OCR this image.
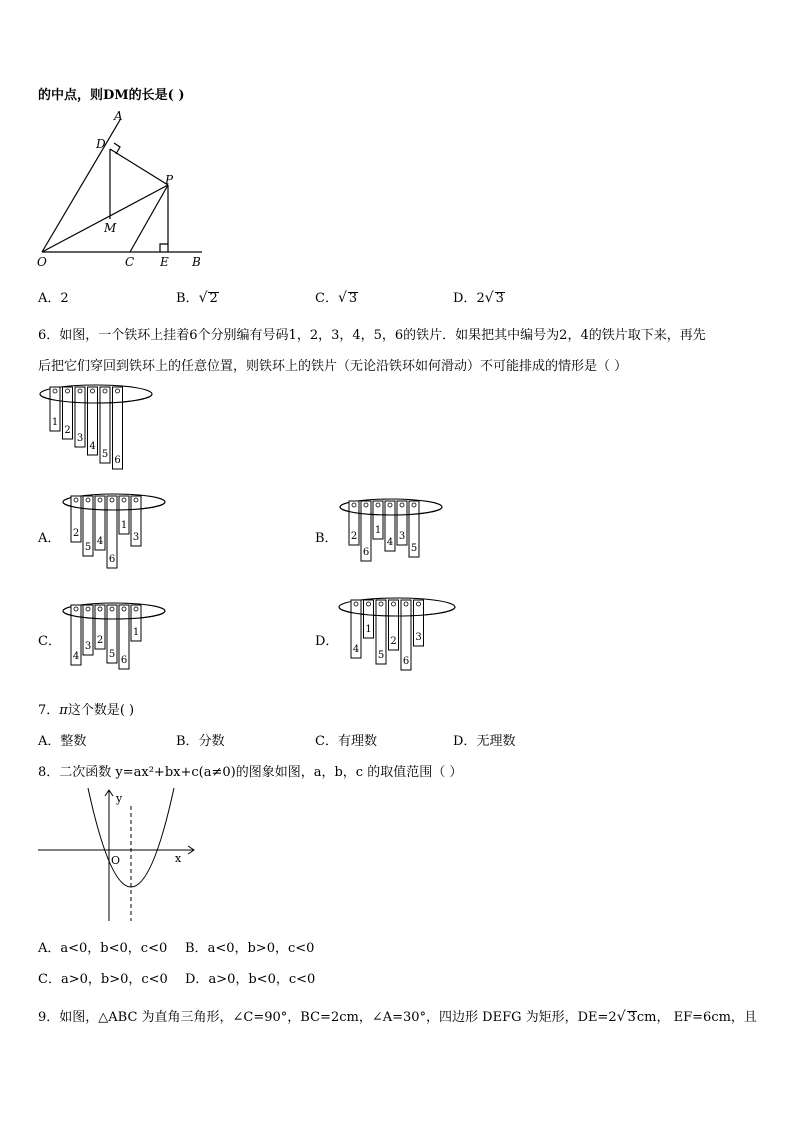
的中点，则DM的长是( )
A
D
P
M
O	C E B
A．2	B．√ 2	C．√ 3	D．2√ 3
6．如图，一个铁环上挂着6个分别编有号码1，2，3，4，5，6的铁片．如果把其中编号为2，4的铁片取下来，再先
后把它们穿回到铁环上的任意位置，则铁环上的铁片（无论沿铁环如何滑动）不可能排成的情形是（ ）
1
2
3
4
5
6
A． 2
5
4
6
1
3	B． 2
6
1
4
3
5
C．
4
3
2
5
6
1
D．
4
1
5
2
6
3
7．π这个数是( )
A．整数	B．分数	C．有理数	D．无理数
8．二次函数 y=ax²+bx+c(a≠0)的图象如图，a，b，c 的取值范围（ ）
y
x
O
A．a<0，b<0，c<0 B．a<0，b>0，c<0
C．a>0，b>0，c<0 D．a>0，b<0，c<0
9．如图，△ABC 为直角三角形，∠C=90°，BC=2cm，∠A=30°，四边形 DEFG 为矩形，DE=2√ 3cm， EF=6cm，且
